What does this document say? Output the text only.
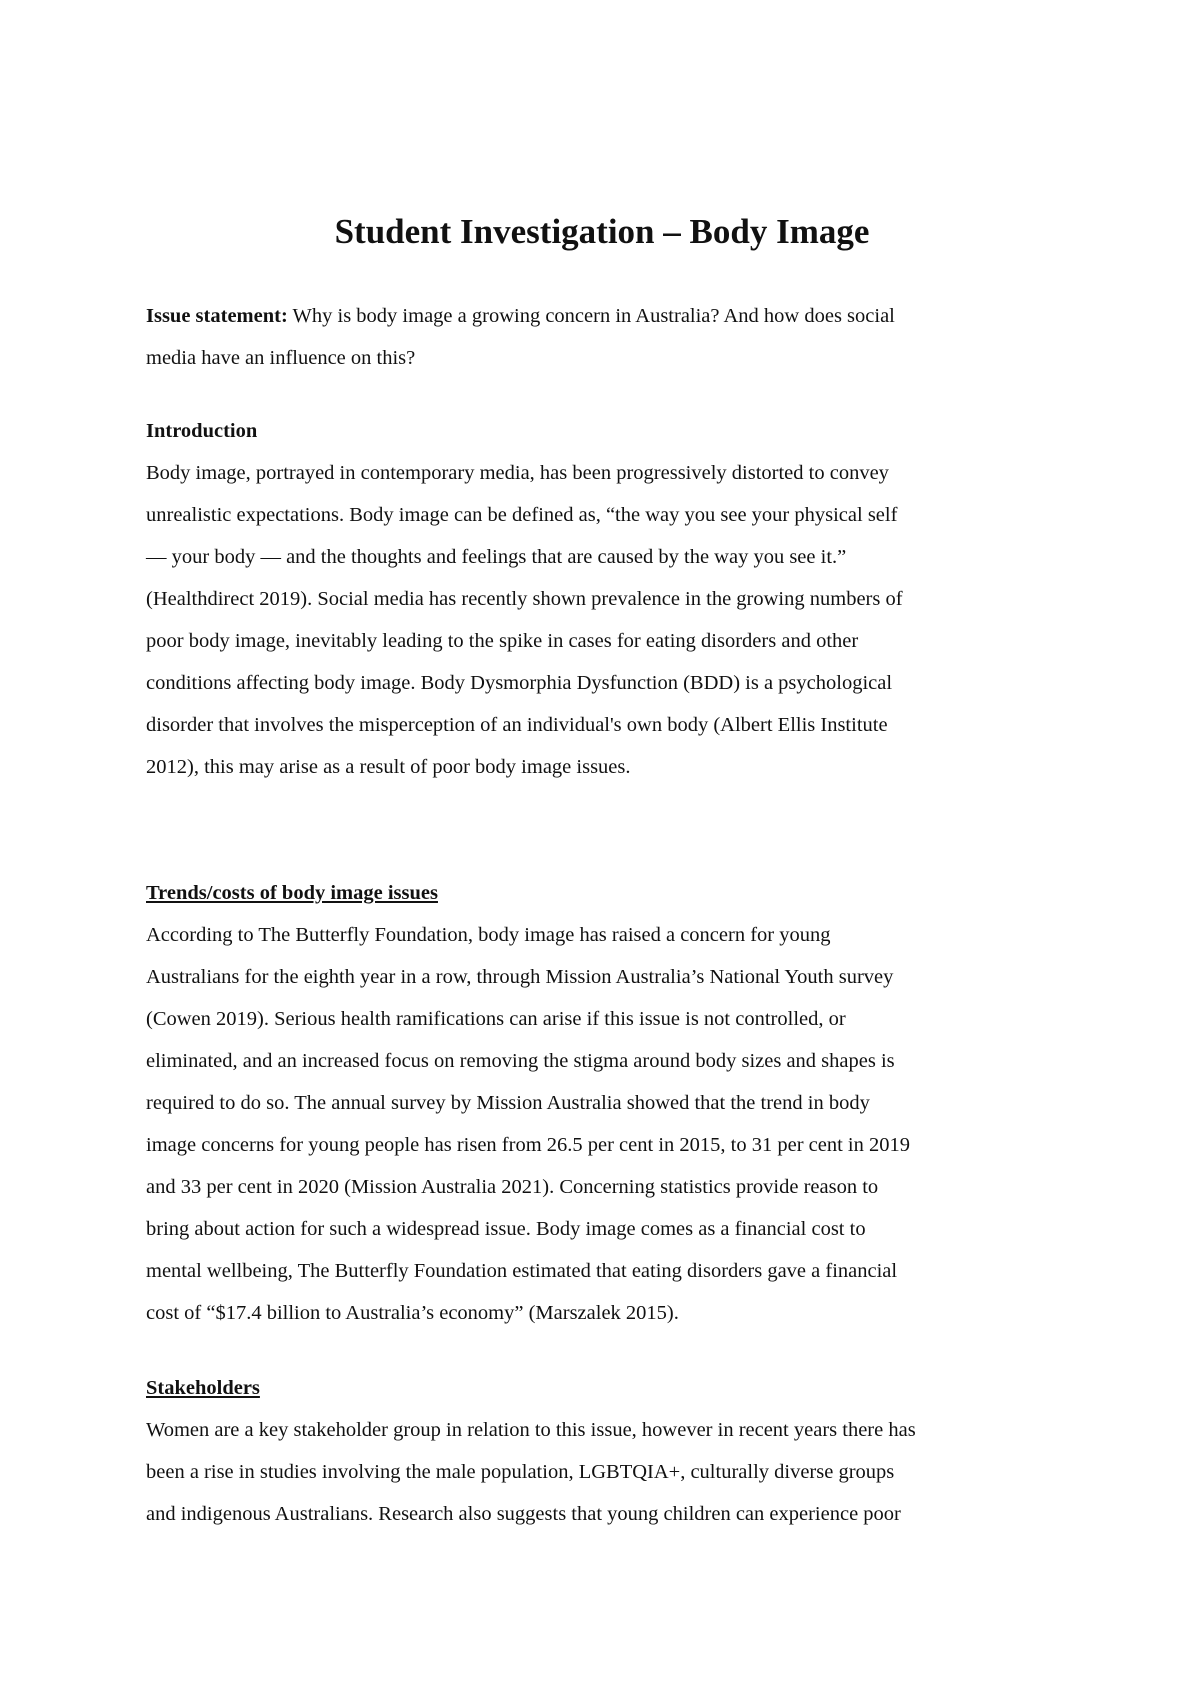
Student Investigation – Body Image

Issue statement: Why is body image a growing concern in Australia? And how does social
media have an influence on this?

Introduction
Body image, portrayed in contemporary media, has been progressively distorted to convey
unrealistic expectations. Body image can be defined as, “the way you see your physical self
— your body — and the thoughts and feelings that are caused by the way you see it.”
(Healthdirect 2019). Social media has recently shown prevalence in the growing numbers of
poor body image, inevitably leading to the spike in cases for eating disorders and other
conditions affecting body image. Body Dysmorphia Dysfunction (BDD) is a psychological
disorder that involves the misperception of an individual's own body (Albert Ellis Institute
2012), this may arise as a result of poor body image issues.
Trends/costs of body image issues
According to The Butterfly Foundation, body image has raised a concern for young
Australians for the eighth year in a row, through Mission Australia’s National Youth survey
(Cowen 2019). Serious health ramifications can arise if this issue is not controlled, or
eliminated, and an increased focus on removing the stigma around body sizes and shapes is
required to do so. The annual survey by Mission Australia showed that the trend in body
image concerns for young people has risen from 26.5 per cent in 2015, to 31 per cent in 2019
and 33 per cent in 2020 (Mission Australia 2021). Concerning statistics provide reason to
bring about action for such a widespread issue. Body image comes as a financial cost to
mental wellbeing, The Butterfly Foundation estimated that eating disorders gave a financial
cost of “$17.4 billion to Australia’s economy” (Marszalek 2015).
Stakeholders
Women are a key stakeholder group in relation to this issue, however in recent years there has
been a rise in studies involving the male population, LGBTQIA+, culturally diverse groups
and indigenous Australians. Research also suggests that young children can experience poor
